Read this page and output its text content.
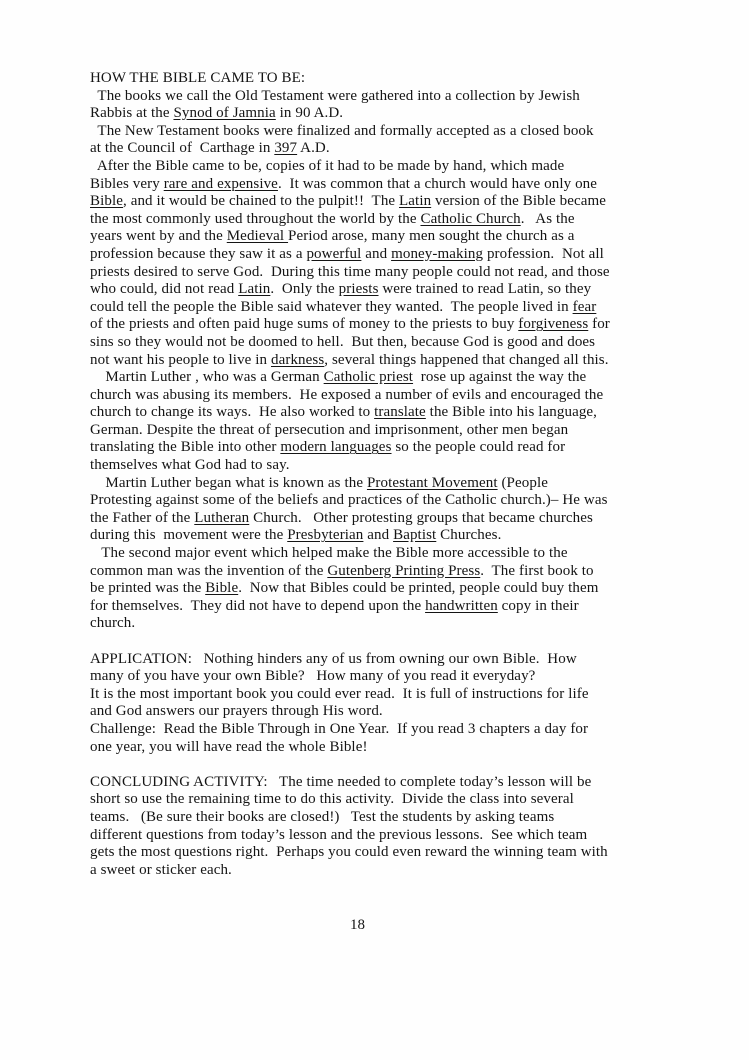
HOW THE BIBLE CAME TO BE:
The books we call the Old Testament were gathered into a collection by Jewish
Rabbis at the Synod of Jamnia in 90 A.D.
The New Testament books were finalized and formally accepted as a closed book
at the Council of  Carthage in 397 A.D.
After the Bible came to be, copies of it had to be made by hand, which made
Bibles very rare and expensive.  It was common that a church would have only one
Bible, and it would be chained to the pulpit!!  The Latin version of the Bible became
the most commonly used throughout the world by the Catholic Church.   As the
years went by and the Medieval Period arose, many men sought the church as a
profession because they saw it as a powerful and money-making profession.  Not all
priests desired to serve God.  During this time many people could not read, and those
who could, did not read Latin.  Only the priests were trained to read Latin, so they
could tell the people the Bible said whatever they wanted.  The people lived in fear
of the priests and often paid huge sums of money to the priests to buy forgiveness for
sins so they would not be doomed to hell.  But then, because God is good and does
not want his people to live in darkness, several things happened that changed all this.
Martin Luther , who was a German Catholic priest  rose up against the way the
church was abusing its members.  He exposed a number of evils and encouraged the
church to change its ways.  He also worked to translate the Bible into his language,
German. Despite the threat of persecution and imprisonment, other men began
translating the Bible into other modern languages so the people could read for
themselves what God had to say.
Martin Luther began what is known as the Protestant Movement (People
Protesting against some of the beliefs and practices of the Catholic church.)– He was
the Father of the Lutheran Church.   Other protesting groups that became churches
during this  movement were the Presbyterian and Baptist Churches.
The second major event which helped make the Bible more accessible to the
common man was the invention of the Gutenberg Printing Press.  The first book to
be printed was the Bible.  Now that Bibles could be printed, people could buy them
for themselves.  They did not have to depend upon the handwritten copy in their
church.

APPLICATION:   Nothing hinders any of us from owning our own Bible.  How
many of you have your own Bible?   How many of you read it everyday?
It is the most important book you could ever read.  It is full of instructions for life
and God answers our prayers through His word.
Challenge:  Read the Bible Through in One Year.  If you read 3 chapters a day for
one year, you will have read the whole Bible!

CONCLUDING ACTIVITY:   The time needed to complete today’s lesson will be
short so use the remaining time to do this activity.  Divide the class into several
teams.   (Be sure their books are closed!)   Test the students by asking teams
different questions from today’s lesson and the previous lessons.  See which team
gets the most questions right.  Perhaps you could even reward the winning team with
a sweet or sticker each.
18
